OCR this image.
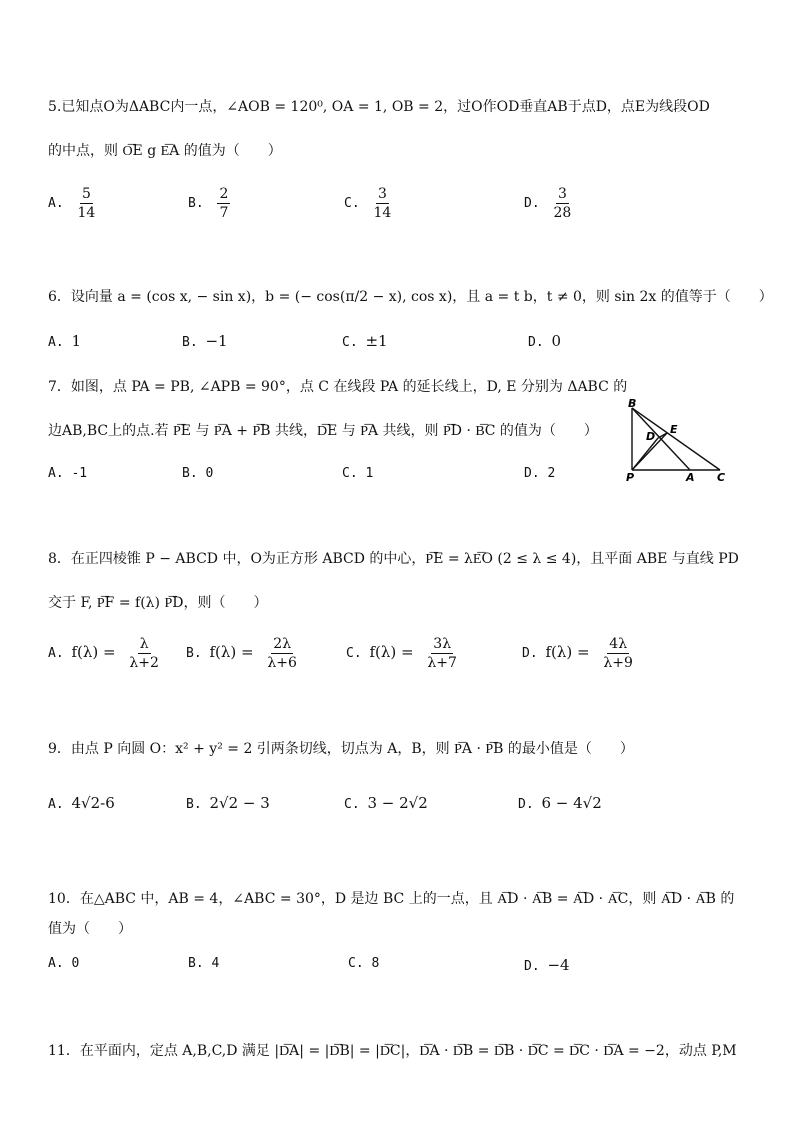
5.已知点O为ΔABC内一点，∠AOB = 120⁰, OA = 1, OB = 2，过O作OD垂直AB于点D，点E为线段OD
的中点，则 O͞E g E͞A 的值为（　　）
A. $\frac{5}{14}$	B. $\frac{2}{7}$	C. $\frac{3}{14}$	D. $\frac{3}{28}$
6．设向量 a = (cos x, − sin x)，b = (− cos(π/2 − x), cos x)，且 a = t b，t ≠ 0，则 sin 2x 的值等于（　　）
A. 1	B. −1	C. ±1	D. 0
7．如图，点 PA = PB, ∠APB = 90°，点 C 在线段 PA 的延长线上，D, E 分别为 ΔABC 的
边AB,BC上的点.若 P͞E 与 P͞A + P͞B 共线，D͞E 与 P͞A 共线，则 P͞D · B͞C 的值为（　　）
A. -1	B. 0	C. 1	D. 2
B
D
E
P	A C
8．在正四棱锥 P − ABCD 中，O为正方形 ABCD 的中心，P͞E = λE͞O (2 ≤ λ ≤ 4)，且平面 ABE 与直线 PD
交于 F, P͞F = f(λ) P͞D，则（　　）
A. $f(\lambda) = \frac{\lambda}{\lambda+2} B$. $f(\lambda) = \frac{2\lambda}{\lambda+6}$	C. $f(\lambda) = \frac{3\lambda}{\lambda+7}$	D. $f(\lambda) = \frac{4\lambda}{\lambda+9}$
9．由点 P 向圆 O：x² + y² = 2 引两条切线，切点为 A，B，则 P͞A · P͞B 的最小值是（　　）
A. 4√2-6	B. 2√2 − 3	C. 3 − 2√2	D. 6 − 4√2
10．在△ABC 中，AB = 4，∠ABC = 30°，D 是边 BC 上的一点，且 A͞D · A͞B = A͞D · A͞C，则 A͞D · A͞B 的
值为（　　）
A. 0	B. 4	C. 8	D. −4
11．在平面内，定点 A,B,C,D 满足 |D͞A| = |D͞B| = |D͞C|，D͞A · D͞B = D͞B · D͞C = D͞C · D͞A = −2，动点 P,M
